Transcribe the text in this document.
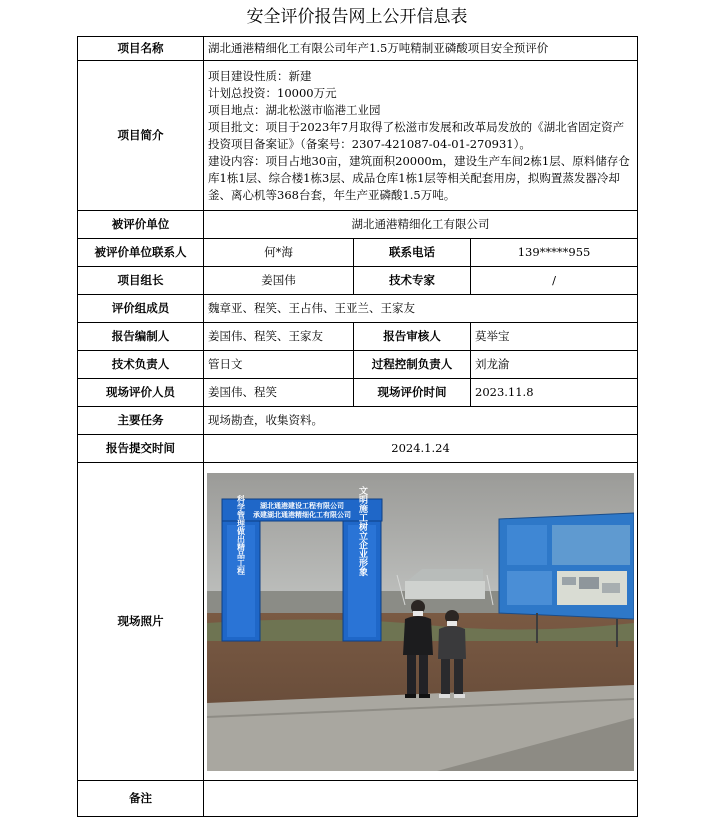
安全评价报告网上公开信息表
项目名称	湖北通港精细化工有限公司年产1.5万吨精制亚磷酸项目安全预评价		
项目简介	项目建设性质：新建
计划总投资：10000万元
项目地点：湖北松滋市临港工业园
项目批文：项目于2023年7月取得了松滋市发展和改革局发放的《湖北省固定资产投资项目备案证》（备案号：2307-421087-04-01-270931）。
建设内容：项目占地30亩，建筑面积20000m，建设生产车间2栋1层、原料储存仓库1栋1层、综合楼1栋3层、成品仓库1栋1层等相关配套用房，拟购置蒸发器冷却釜、离心机等368台套，年生产亚磷酸1.5万吨。		

被评价单位	湖北通港精细化工有限公司		
被评价单位联系人	何*海	联系电话	139*****955
项目组长	姜国伟	技术专家	/
评价组成员	魏章亚、程笑、王占伟、王亚兰、王家友		
报告编制人	姜国伟、程笑、王家友	报告审核人	莫举宝
技术负责人	管日文	过程控制负责人	刘龙渝
现场评价人员	姜国伟、程笑	现场评价时间	2023.11.8
主要任务	现场勘查，收集资料。		
报告提交时间	2024.1.24		
现场照片	湖北通港建设工程有限公司
承建湖北通港精细化工有限公司
科学管理做出精品工程 文明施工树立企业形象		

备注			
